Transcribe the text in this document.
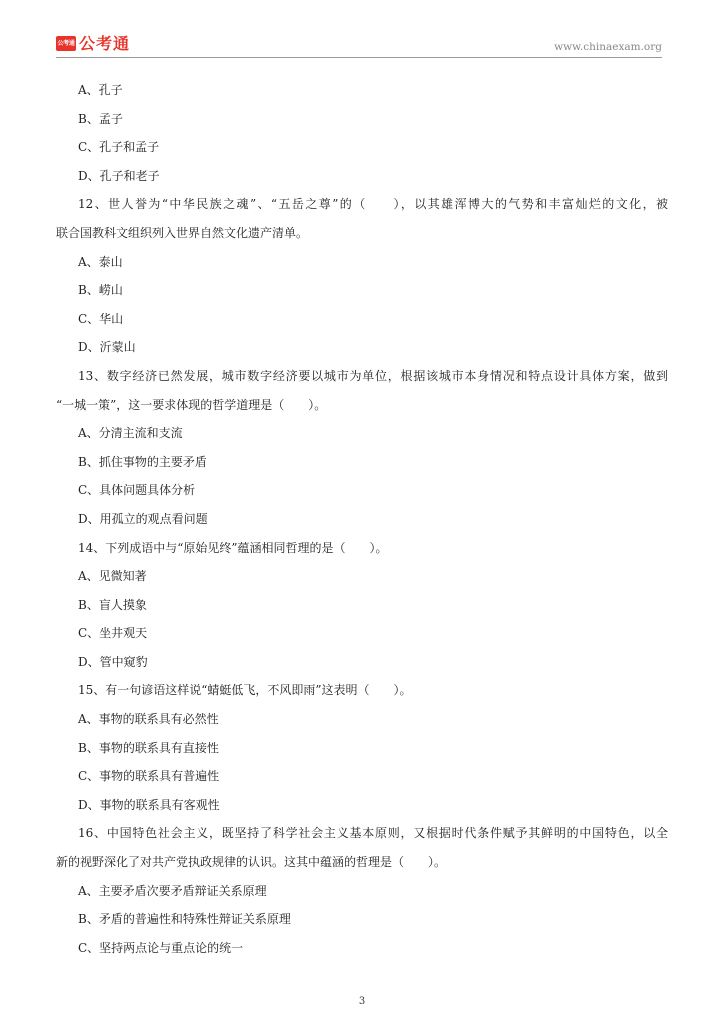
公考通 公考通	www.chinaexam.org
A、孔子
B、孟子
C、孔子和孟子
D、孔子和老子
12、世人誉为“中华民族之魂”、“五岳之尊”的（　　），以其雄浑博大的气势和丰富灿烂的文化，被
联合国教科文组织列入世界自然文化遗产清单。
A、泰山
B、崂山
C、华山
D、沂蒙山
13、数字经济已然发展，城市数字经济要以城市为单位，根据该城市本身情况和特点设计具体方案，做到
“一城一策”，这一要求体现的哲学道理是（　　）。
A、分清主流和支流
B、抓住事物的主要矛盾
C、具体问题具体分析
D、用孤立的观点看问题
14、下列成语中与“原始见终”蕴涵相同哲理的是（　　）。
A、见微知著
B、盲人摸象
C、坐井观天
D、管中窥豹
15、有一句谚语这样说“蜻蜓低飞，不风即雨”这表明（　　）。
A、事物的联系具有必然性
B、事物的联系具有直接性
C、事物的联系具有普遍性
D、事物的联系具有客观性
16、中国特色社会主义，既坚持了科学社会主义基本原则，又根据时代条件赋予其鲜明的中国特色，以全
新的视野深化了对共产党执政规律的认识。这其中蕴涵的哲理是（　　）。
A、主要矛盾次要矛盾辩证关系原理
B、矛盾的普遍性和特殊性辩证关系原理
C、坚持两点论与重点论的统一
3
